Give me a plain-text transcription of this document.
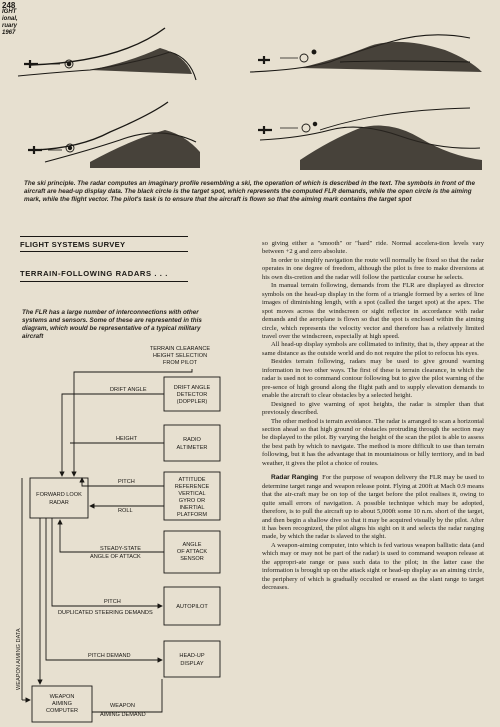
248
IGHT
ional,
ruary
1967
The ski principle. The radar computes an imaginary profile resembling a ski, the operation of which is described in the text. The symbols in front of the aircraft are head-up display data. The black circle is the target spot, which represents the computed FLR demands, while the open circle is the aiming mark, while the flight vector. The pilot's task is to ensure that the aircraft is flown so that the aiming mark contains the target spot
FLIGHT SYSTEMS SURVEY
TERRAIN-FOLLOWING RADARS . . .
The FLR has a large number of interconnections with other systems and sensors. Some of these are represented in this diagram, which would be representative of a typical military aircraft
DRIFT ANGLE
DETECTOR
(DOPPLER)
RADIO
ALTIMETER
ATTITUDE
REFERENCE
VERTICAL
GYRO OR
INERTIAL
PLATFORM
ANGLE
OF ATTACK
SENSOR
AUTOPILOT
HEAD-UP
DISPLAY
FORWARD LOOK
RADAR
WEAPON
AIMING
COMPUTER
TERRAIN CLEARANCE
HEIGHT SELECTION
FROM PILOT
DRIFT ANGLE
HEIGHT
PITCH
ROLL
STEADY-STATE
ANGLE OF ATTACK
PITCH
DUPLICATED STEERING DEMANDS
PITCH DEMAND
WEAPON
AIMING DEMAND
WEAPON AIMING DATA

so giving either a "smooth" or "hard" ride. Normal accelera-tion levels vary between +2 g and zero absolute.

In order to simplify navigation the route will normally be fixed so that the radar operates in one degree of freedom, although the pilot is free to make diversions at his own dis-cretion and the radar will follow the particular course he selects.

In manual terrain following, demands from the FLR are displayed as director symbols on the head-up display in the form of a triangle formed by a series of line images of diminishing length, with a spot (called the target spot) at the apex. The spot moves across the windscreen or sight reflector in accordance with radar demands and the aeroplane is flown so that the spot is enclosed within the aiming circle, which represents the velocity vector and therefore has a relatively limited travel over the windscreen, especially at high speed.

All head-up display symbols are collimated to infinity, that is, they appear at the same distance as the outside world and do not require the pilot to refocus his eyes.

Besides terrain following, radars may be used to give ground warning information in two other ways. The first of these is terrain clearance, in which the radar is used not to command contour following but to give the pilot warning of the pre-sence of high ground along the flight path and to supply elevation demands to enable the aircraft to clear obstacles by a selected height.

Designed to give warning of spot heights, the radar is simpler than that previously described.

The other method is terrain avoidance. The radar is arranged to scan a horizontal section ahead so that high ground or obstacles protruding through the section may be displayed to the pilot. By varying the height of the scan the pilot is able to assess the best path by which to navigate. The method is more difficult to use than terrain following, but it has the advantage that in mountainous or hilly territory, and in bad weather, it gives the pilot a choice of routes.

Radar Ranging For the purpose of weapon delivery the FLR may be used to determine target range and weapon release point. Flying at 200ft at Mach 0.9 means that the air-craft may be on top of the target before the pilot realises it, owing to quite small errors of navigation. A possible technique which may be adopted, therefore, is to pull the aircraft up to about 5,000ft some 10 n.m. short of the target, and then begin a shallow dive so that it may be acquired visually by the pilot. After it has been recognized, the pilot aligns his sight on it and selects the radar ranging made, by which the radar is slaved to the sight.

A weapon-aiming computer, into which is fed various weapon ballistic data (and which may or may not be part of the radar) is used to command weapon release at the appropri-ate range or pass such data to the pilot; in the latter case the information is brought up on the attack sight or head-up display as an aiming circle, the periphery of which is gradually occulted or erased as the slant range to target decreases.
